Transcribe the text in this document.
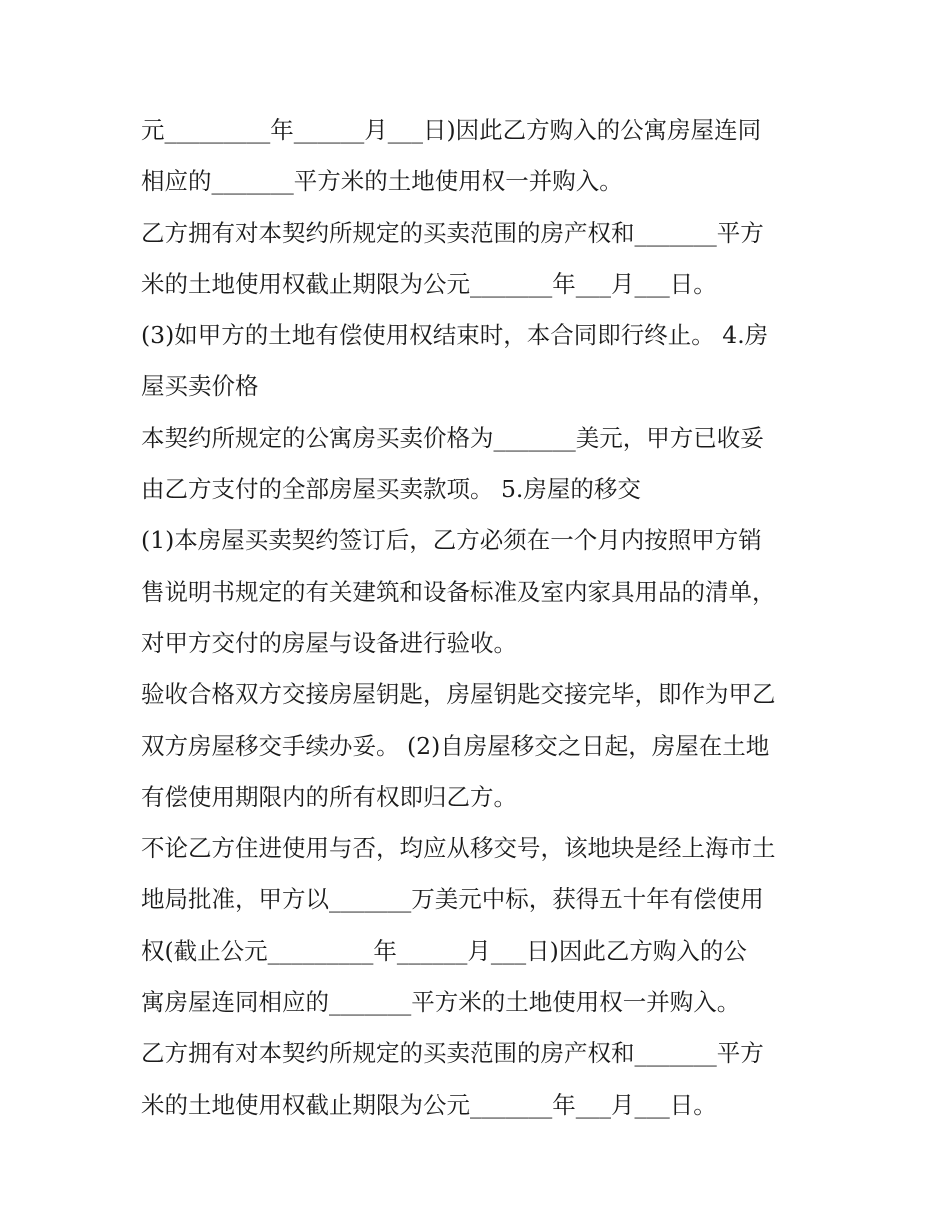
元_________年______月___日)因此乙方购入的公寓房屋连同
相应的_______平方米的土地使用权一并购入。
乙方拥有对本契约所规定的买卖范围的房产权和_______平方
米的土地使用权截止期限为公元_______年___月___日。
(3)如甲方的土地有偿使用权结束时，本合同即行终止。 4.房
屋买卖价格
本契约所规定的公寓房买卖价格为_______美元，甲方已收妥
由乙方支付的全部房屋买卖款项。 5.房屋的移交
(1)本房屋买卖契约签订后，乙方必须在一个月内按照甲方销
售说明书规定的有关建筑和设备标准及室内家具用品的清单，
对甲方交付的房屋与设备进行验收。
验收合格双方交接房屋钥匙，房屋钥匙交接完毕，即作为甲乙
双方房屋移交手续办妥。 (2)自房屋移交之日起，房屋在土地
有偿使用期限内的所有权即归乙方。
不论乙方住进使用与否，均应从移交号，该地块是经上海市土
地局批准，甲方以_______万美元中标，获得五十年有偿使用
权(截止公元_________年______月___日)因此乙方购入的公
寓房屋连同相应的_______平方米的土地使用权一并购入。
乙方拥有对本契约所规定的买卖范围的房产权和_______平方
米的土地使用权截止期限为公元_______年___月___日。
